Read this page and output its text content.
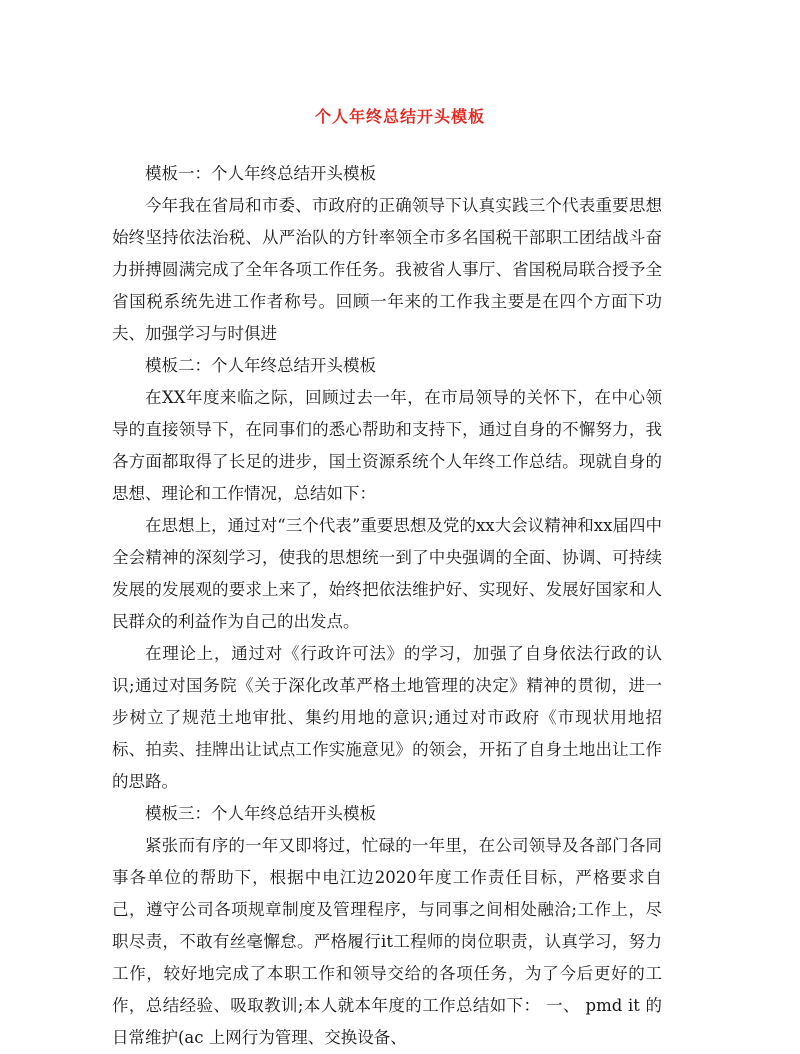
个人年终总结开头模板

模板一：个人年终总结开头模板

今年我在省局和市委、市政府的正确领导下认真实践三个代表重要思想始终坚持依法治税、从严治队的方针率领全市多名国税干部职工团结战斗奋力拼搏圆满完成了全年各项工作任务。我被省人事厅、省国税局联合授予全省国税系统先进工作者称号。回顾一年来的工作我主要是在四个方面下功夫、加强学习与时俱进

模板二：个人年终总结开头模板

在XX年度来临之际，回顾过去一年，在市局领导的关怀下，在中心领导的直接领导下，在同事们的悉心帮助和支持下，通过自身的不懈努力，我各方面都取得了长足的进步，国土资源系统个人年终工作总结。现就自身的思想、理论和工作情况，总结如下：

在思想上，通过对“三个代表”重要思想及党的xx大会议精神和xx届四中全会精神的深刻学习，使我的思想统一到了中央强调的全面、协调、可持续发展的发展观的要求上来了，始终把依法维护好、实现好、发展好国家和人民群众的利益作为自己的出发点。

在理论上，通过对《行政许可法》的学习，加强了自身依法行政的认识;通过对国务院《关于深化改革严格土地管理的决定》精神的贯彻，进一步树立了规范土地审批、集约用地的意识;通过对市政府《市现状用地招标、拍卖、挂牌出让试点工作实施意见》的领会，开拓了自身土地出让工作的思路。

模板三：个人年终总结开头模板

紧张而有序的一年又即将过，忙碌的一年里，在公司领导及各部门各同事各单位的帮助下，根据中电江边2020年度工作责任目标，严格要求自己，遵守公司各项规章制度及管理程序，与同事之间相处融洽;工作上，尽职尽责，不敢有丝毫懈怠。严格履行it工程师的岗位职责，认真学习，努力工作，较好地完成了本职工作和领导交给的各项任务，为了今后更好的工作，总结经验、吸取教训;本人就本年度的工作总结如下： 一、 pmd it 的日常维护(ac 上网行为管理、交换设备、
